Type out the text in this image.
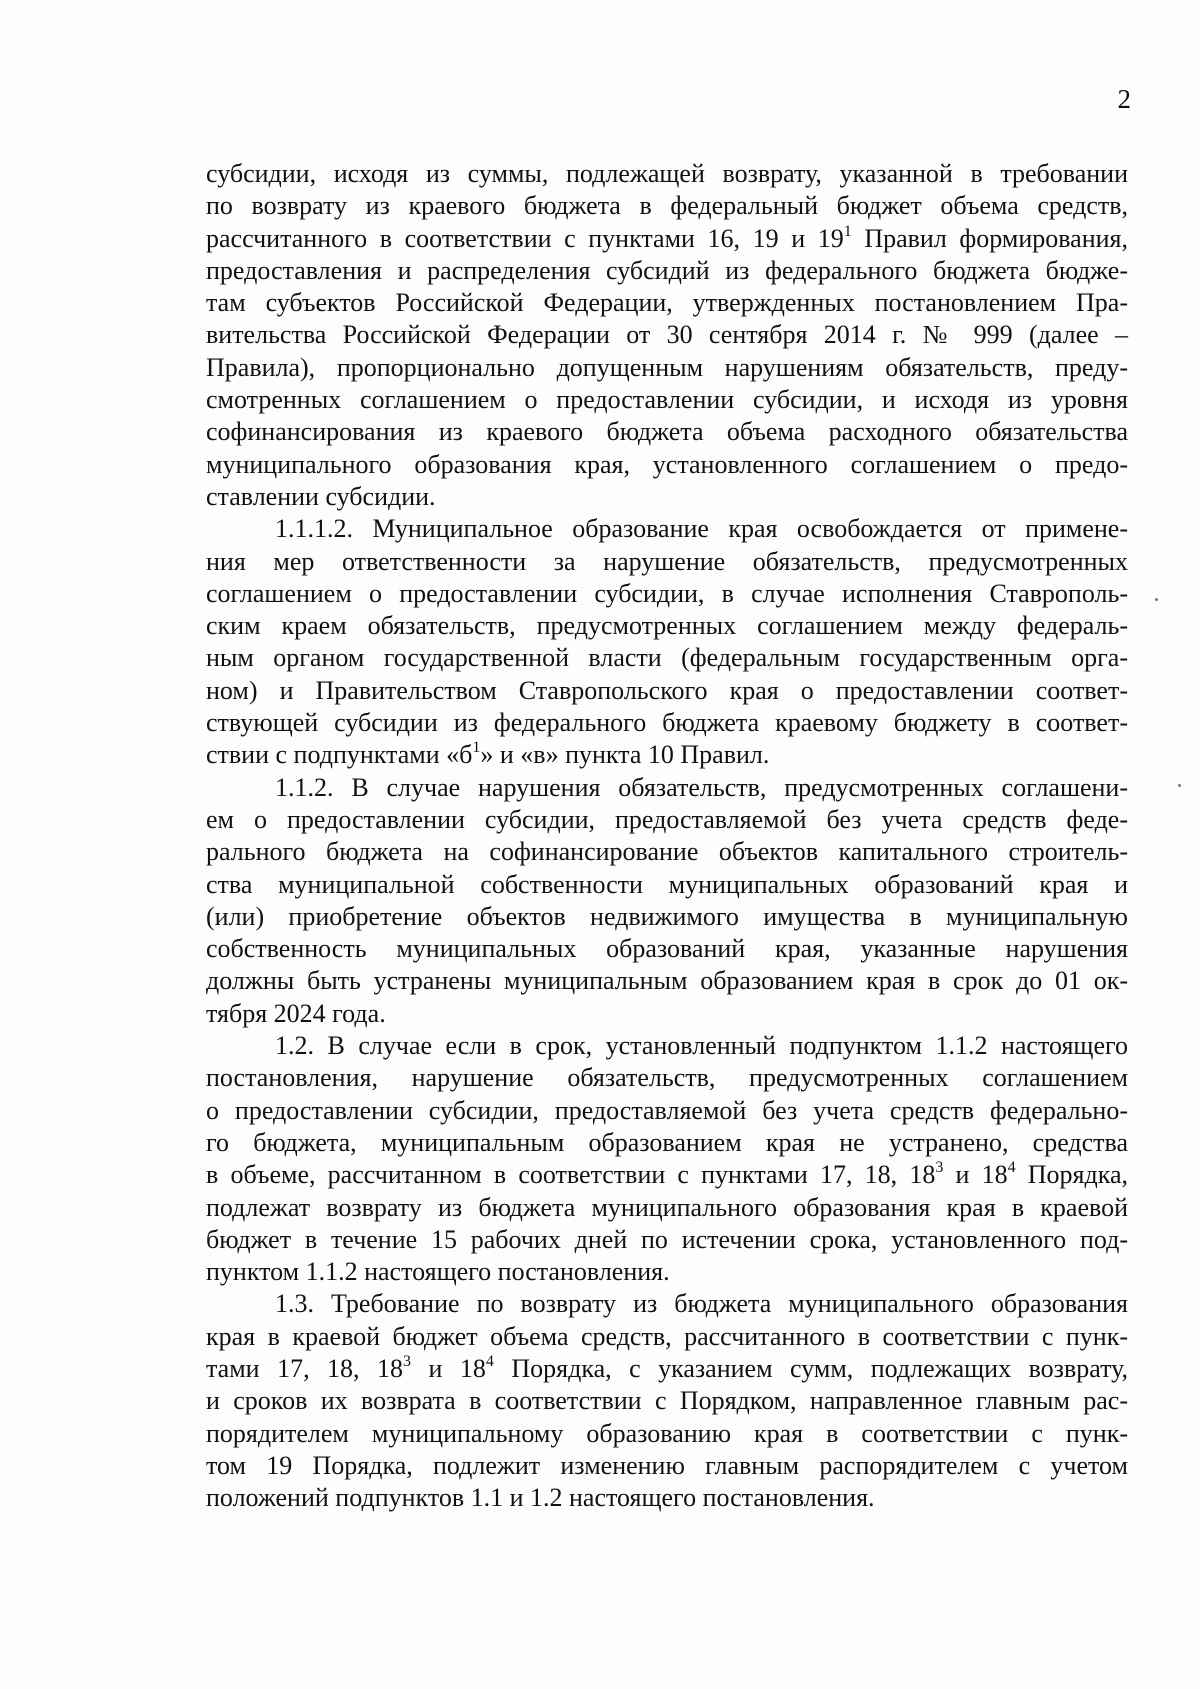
2
субсидии, исходя из суммы, подлежащей возврату, указанной в требовании
по возврату из краевого бюджета в федеральный бюджет объема средств,
рассчитанного в соответствии с пунктами 16, 19 и $19^1$ Правил формирования,
предоставления и распределения субсидий из федерального бюджета бюдже-
там субъектов Российской Федерации, утвержденных постановлением Пра-
вительства Российской Федерации от 30 сентября 2014 г. № 999 (далее –
Правила), пропорционально допущенным нарушениям обязательств, преду-
смотренных соглашением о предоставлении субсидии, и исходя из уровня
софинансирования из краевого бюджета объема расходного обязательства
муниципального образования края, установленного соглашением о предо-
ставлении субсидии.
1.1.1.2. Муниципальное образование края освобождается от примене-
ния мер ответственности за нарушение обязательств, предусмотренных
соглашением о предоставлении субсидии, в случае исполнения Ставрополь-
ским краем обязательств, предусмотренных соглашением между федераль-
ным органом государственной власти (федеральным государственным орга-
ном) и Правительством Ставропольского края о предоставлении соответ-
ствующей субсидии из федерального бюджета краевому бюджету в соответ-
ствии с подпунктами «$б^1$» и «в» пункта 10 Правил.
1.1.2. В случае нарушения обязательств, предусмотренных соглашени-
ем о предоставлении субсидии, предоставляемой без учета средств феде-
рального бюджета на софинансирование объектов капитального строитель-
ства муниципальной собственности муниципальных образований края и
(или) приобретение объектов недвижимого имущества в муниципальную
собственность муниципальных образований края, указанные нарушения
должны быть устранены муниципальным образованием края в срок до 01 ок-
тября 2024 года.
1.2. В случае если в срок, установленный подпунктом 1.1.2 настоящего
постановления, нарушение обязательств, предусмотренных соглашением
о предоставлении субсидии, предоставляемой без учета средств федерально-
го бюджета, муниципальным образованием края не устранено, средства
в объеме, рассчитанном в соответствии с пунктами 17, 18, $18^3$ и $18^4$ Порядка,
подлежат возврату из бюджета муниципального образования края в краевой
бюджет в течение 15 рабочих дней по истечении срока, установленного под-
пунктом 1.1.2 настоящего постановления.
1.3. Требование по возврату из бюджета муниципального образования
края в краевой бюджет объема средств, рассчитанного в соответствии с пунк-
тами 17, 18, $18^3$ и $18^4$ Порядка, с указанием сумм, подлежащих возврату,
и сроков их возврата в соответствии с Порядком, направленное главным рас-
порядителем муниципальному образованию края в соответствии с пунк-
том 19 Порядка, подлежит изменению главным распорядителем с учетом
положений подпунктов 1.1 и 1.2 настоящего постановления.
